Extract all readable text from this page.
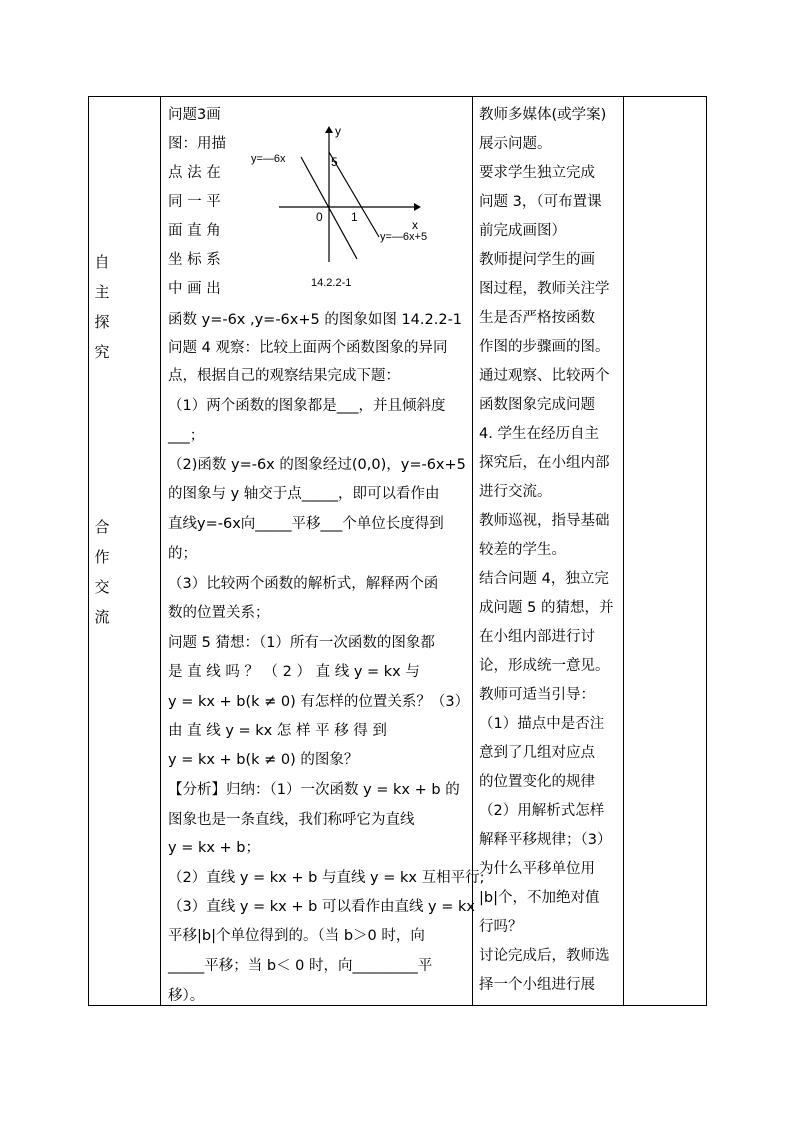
自
主
探
究
合
作
交
流
问题3画
图：用描
点 法 在
同 一 平
面 直 角
坐 标 系
中 画 出
函数 y=-6x ,y=-6x+5 的图象如图 14.2.2-1
问题 4 观察：比较上面两个函数图象的异同
点，根据自己的观察结果完成下题：
（1）两个函数的图象都是___，并且倾斜度
___；
（2)函数 y=-6x 的图象经过(0,0)，y=-6x+5
的图象与 y 轴交于点_____，即可以看作由
直线y=-6x向_____平移___个单位长度得到
的；
（3）比较两个函数的解析式，解释两个函
数的位置关系；
问题 5 猜想：（1）所有一次函数的图象都
是 直 线 吗 ？ （ 2 ） 直 线 y = kx 与
y = kx + b(k ≠ 0) 有怎样的位置关系？（3）
由 直 线 y = kx 怎 样 平 移 得 到
y = kx + b(k ≠ 0) 的图象？
【分析】归纳：（1）一次函数 y = kx + b 的
图象也是一条直线，我们称呼它为直线
y = kx + b；
（2）直线 y = kx + b 与直线 y = kx 互相平行;
（3）直线 y = kx + b 可以看作由直线 y = kx
平移|b|个单位得到的。（当 b＞0 时，向
_____平移；当 b＜ 0 时，向_________平
移）。
y
x
0 1
5
y=—6x
y=—6x+5
14.2.2-1
教师多媒体(或学案)
展示问题。
要求学生独立完成
问题 3，（可布置课
前完成画图）
教师提问学生的画
图过程，教师关注学
生是否严格按函数
作图的步骤画的图。
通过观察、比较两个
函数图象完成问题
4. 学生在经历自主
探究后，在小组内部
进行交流。
教师巡视，指导基础
较差的学生。
结合问题 4，独立完
成问题 5 的猜想，并
在小组内部进行讨
论，形成统一意见。
教师可适当引导：
（1）描点中是否注
意到了几组对应点
的位置变化的规律
（2）用解析式怎样
解释平移规律；（3）
为什么平移单位用
|b|个，不加绝对值
行吗？
讨论完成后，教师选
择一个小组进行展
